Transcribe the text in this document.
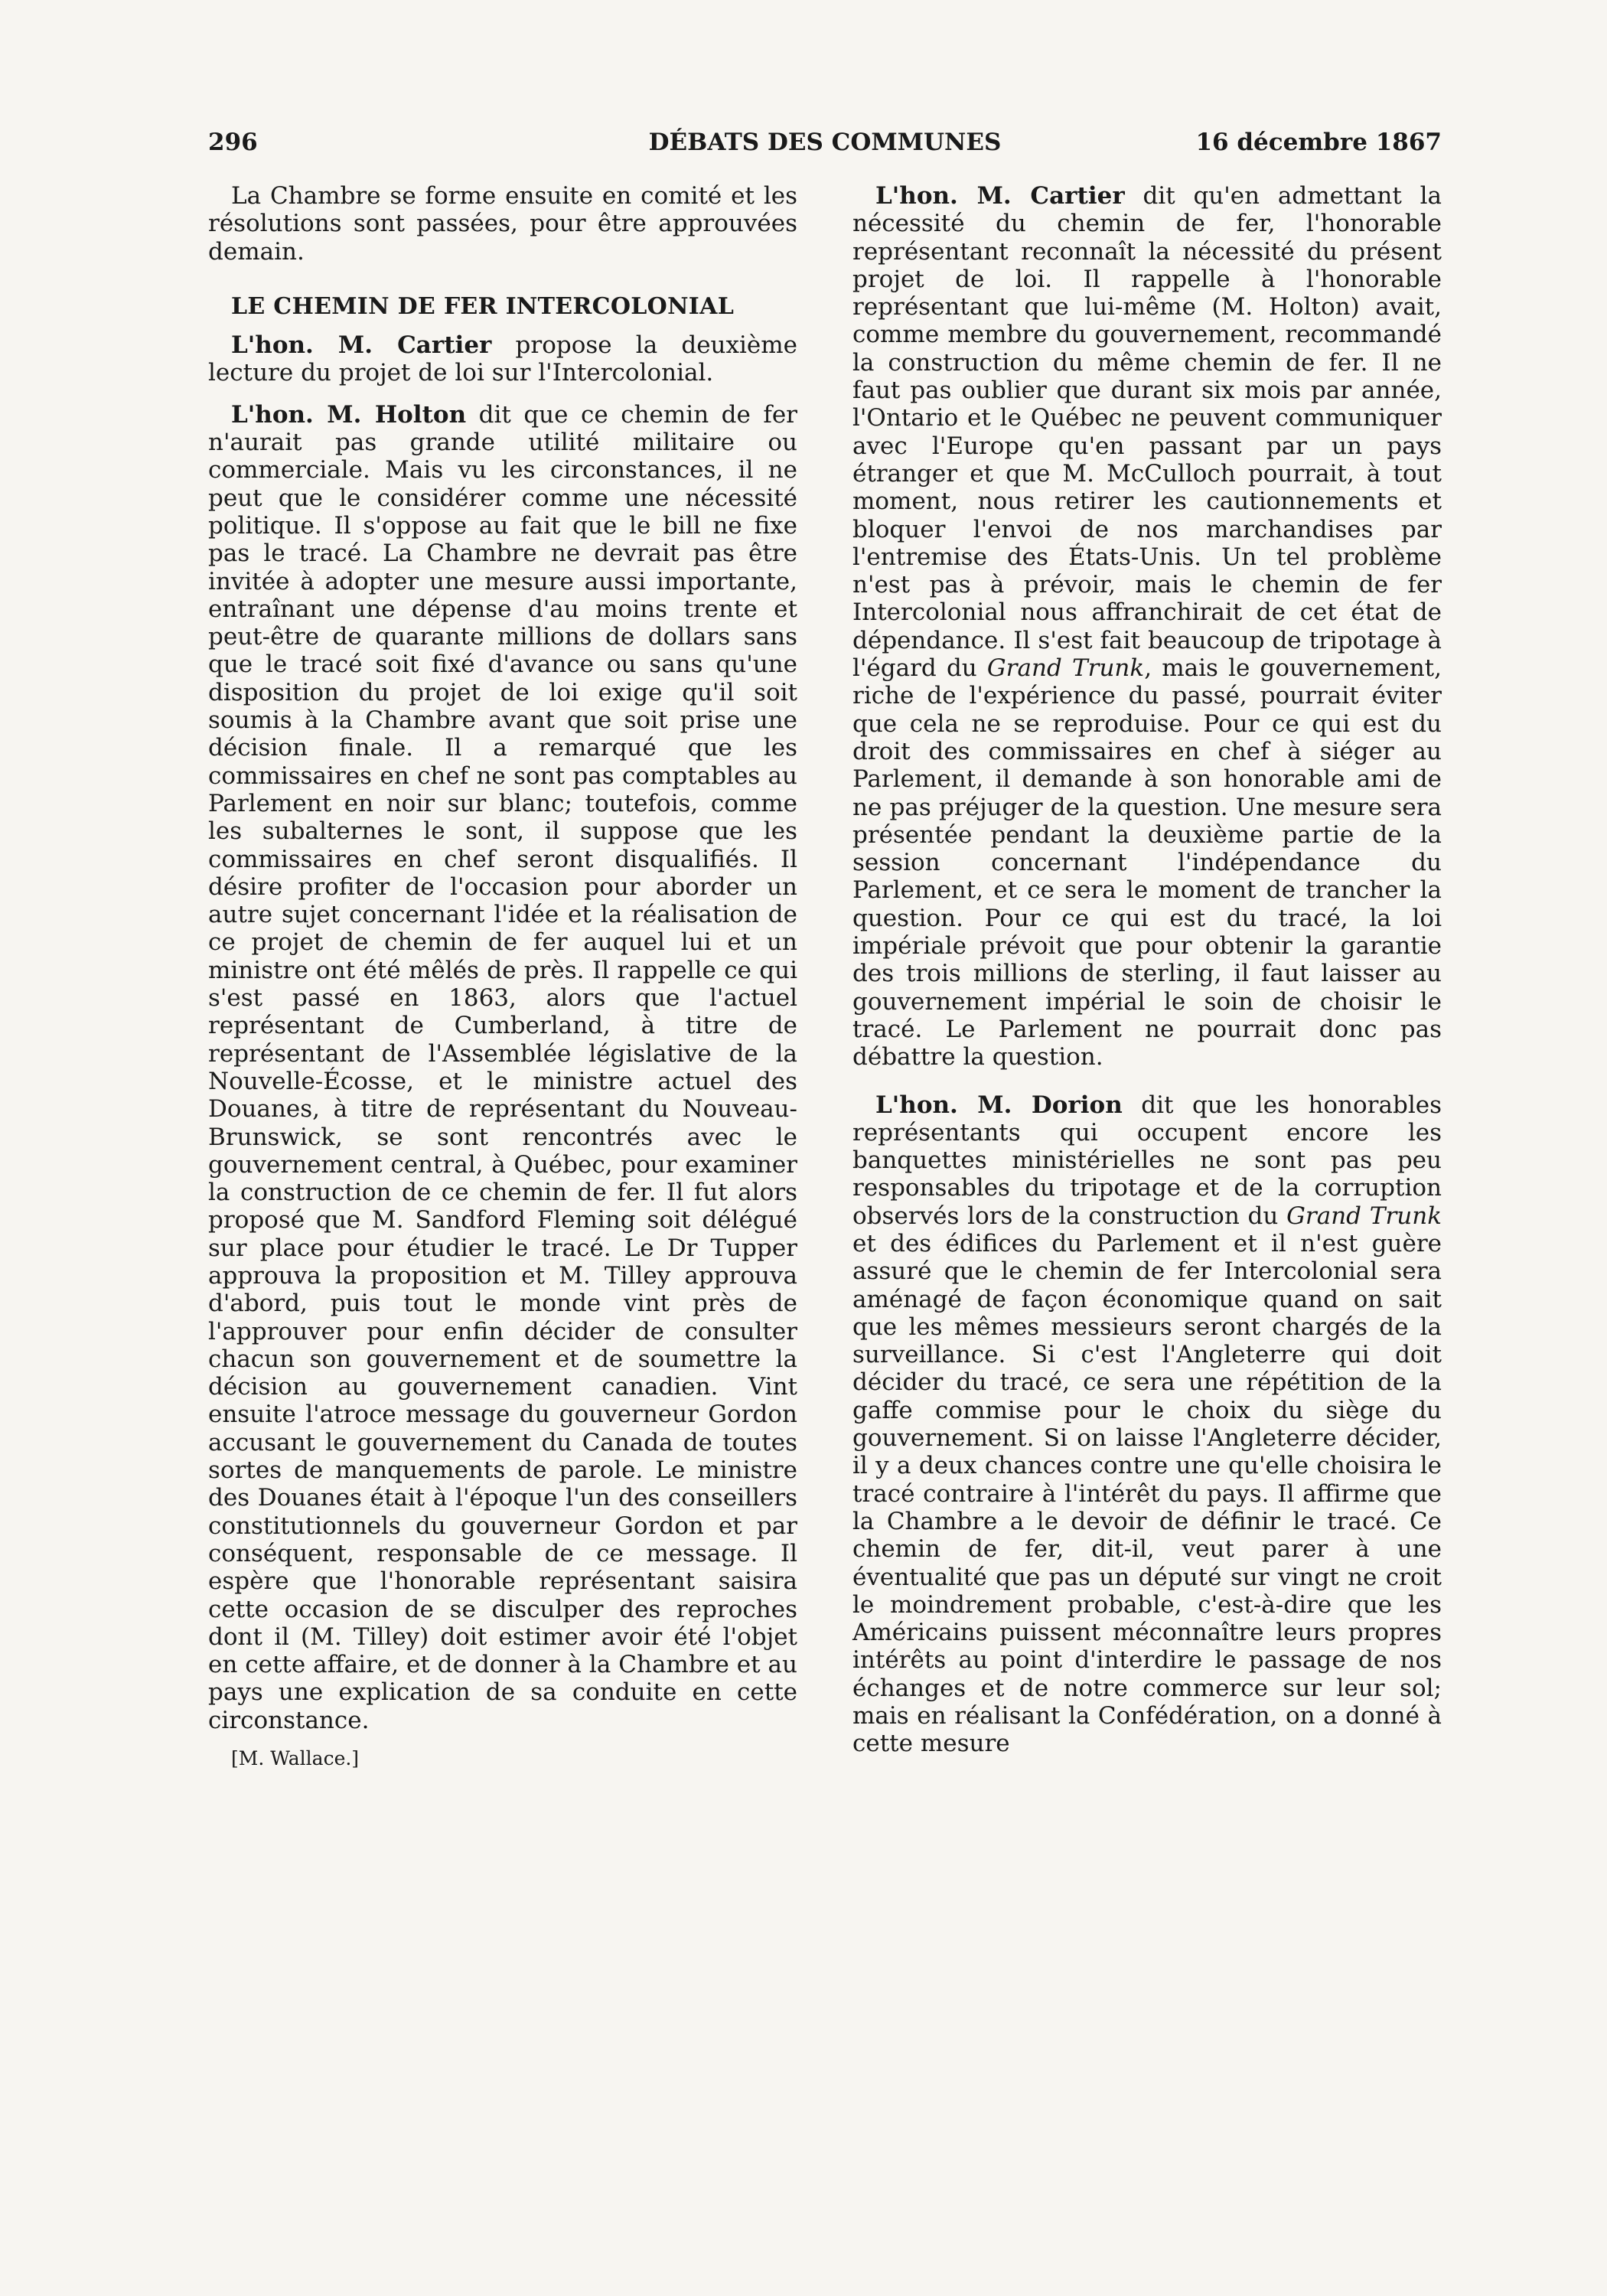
296	DÉBATS DES COMMUNES	16 décembre 1867

La Chambre se forme ensuite en comité et les résolutions sont passées, pour être approuvées demain.

LE CHEMIN DE FER INTERCOLONIAL

L'hon. M. Cartier propose la deuxième lecture du projet de loi sur l'Intercolonial.

L'hon. M. Holton dit que ce chemin de fer n'aurait pas grande utilité militaire ou commerciale. Mais vu les circonstances, il ne peut que le considérer comme une nécessité politique. Il s'oppose au fait que le bill ne fixe pas le tracé. La Chambre ne devrait pas être invitée à adopter une mesure aussi importante, entraînant une dépense d'au moins trente et peut-être de quarante millions de dollars sans que le tracé soit fixé d'avance ou sans qu'une disposition du projet de loi exige qu'il soit soumis à la Chambre avant que soit prise une décision finale. Il a remarqué que les commissaires en chef ne sont pas comptables au Parlement en noir sur blanc; toutefois, comme les subalternes le sont, il suppose que les commissaires en chef seront disqualifiés. Il désire profiter de l'occasion pour aborder un autre sujet concernant l'idée et la réalisation de ce projet de chemin de fer auquel lui et un ministre ont été mêlés de près. Il rappelle ce qui s'est passé en 1863, alors que l'actuel représentant de Cumberland, à titre de représentant de l'Assemblée législative de la Nouvelle-Écosse, et le ministre actuel des Douanes, à titre de représentant du Nouveau-Brunswick, se sont rencontrés avec le gouvernement central, à Québec, pour examiner la construction de ce chemin de fer. Il fut alors proposé que M. Sandford Fleming soit délégué sur place pour étudier le tracé. Le Dr Tupper approuva la proposition et M. Tilley approuva d'abord, puis tout le monde vint près de l'approuver pour enfin décider de consulter chacun son gouvernement et de soumettre la décision au gouvernement canadien. Vint ensuite l'atroce message du gouverneur Gordon accusant le gouvernement du Canada de toutes sortes de manquements de parole. Le ministre des Douanes était à l'époque l'un des conseillers constitutionnels du gouverneur Gordon et par conséquent, responsable de ce message. Il espère que l'honorable représentant saisira cette occasion de se disculper des reproches dont il (M. Tilley) doit estimer avoir été l'objet en cette affaire, et de donner à la Chambre et au pays une explication de sa conduite en cette circonstance.

[M. Wallace.]

L'hon. M. Cartier dit qu'en admettant la nécessité du chemin de fer, l'honorable représentant reconnaît la nécessité du présent projet de loi. Il rappelle à l'honorable représentant que lui-même (M. Holton) avait, comme membre du gouvernement, recommandé la construction du même chemin de fer. Il ne faut pas oublier que durant six mois par année, l'Ontario et le Québec ne peuvent communiquer avec l'Europe qu'en passant par un pays étranger et que M. McCulloch pourrait, à tout moment, nous retirer les cautionnements et bloquer l'envoi de nos marchandises par l'entremise des États-Unis. Un tel problème n'est pas à prévoir, mais le chemin de fer Intercolonial nous affranchirait de cet état de dépendance. Il s'est fait beaucoup de tripotage à l'égard du Grand Trunk, mais le gouvernement, riche de l'expérience du passé, pourrait éviter que cela ne se reproduise. Pour ce qui est du droit des commissaires en chef à siéger au Parlement, il demande à son honorable ami de ne pas préjuger de la question. Une mesure sera présentée pendant la deuxième partie de la session concernant l'indépendance du Parlement, et ce sera le moment de trancher la question. Pour ce qui est du tracé, la loi impériale prévoit que pour obtenir la garantie des trois millions de sterling, il faut laisser au gouvernement impérial le soin de choisir le tracé. Le Parlement ne pourrait donc pas débattre la question.

L'hon. M. Dorion dit que les honorables représentants qui occupent encore les banquettes ministérielles ne sont pas peu responsables du tripotage et de la corruption observés lors de la construction du Grand Trunk et des édifices du Parlement et il n'est guère assuré que le chemin de fer Intercolonial sera aménagé de façon économique quand on sait que les mêmes messieurs seront chargés de la surveillance. Si c'est l'Angleterre qui doit décider du tracé, ce sera une répétition de la gaffe commise pour le choix du siège du gouvernement. Si on laisse l'Angleterre décider, il y a deux chances contre une qu'elle choisira le tracé contraire à l'intérêt du pays. Il affirme que la Chambre a le devoir de définir le tracé. Ce chemin de fer, dit-il, veut parer à une éventualité que pas un député sur vingt ne croit le moindrement probable, c'est-à-dire que les Américains puissent méconnaître leurs propres intérêts au point d'interdire le passage de nos échanges et de notre commerce sur leur sol; mais en réalisant la Confédération, on a donné à cette mesure
